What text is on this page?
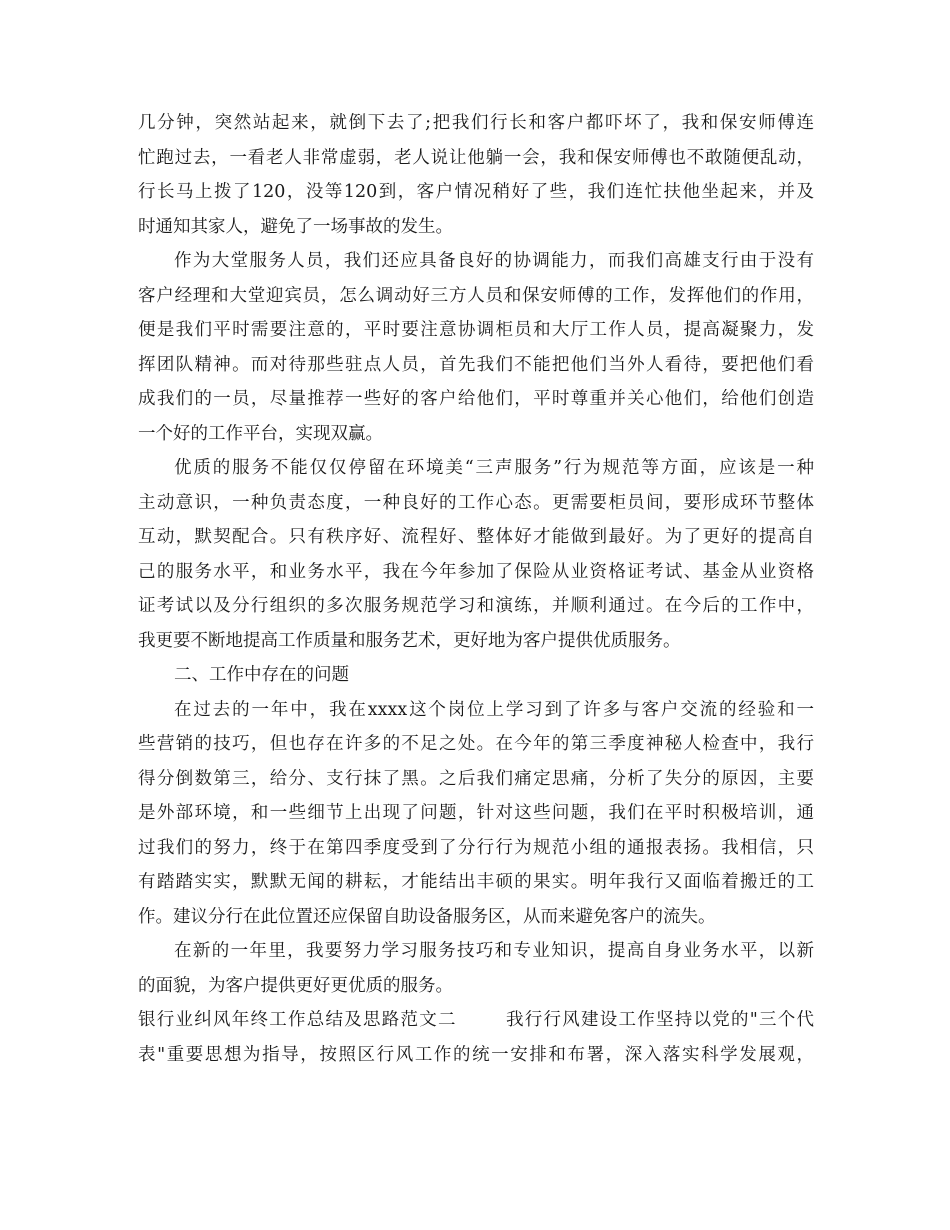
几分钟，突然站起来，就倒下去了;把我们行长和客户都吓坏了，我和保安师傅连
忙跑过去，一看老人非常虚弱，老人说让他躺一会，我和保安师傅也不敢随便乱动，
行长马上拨了120，没等120到，客户情况稍好了些，我们连忙扶他坐起来，并及
时通知其家人，避免了一场事故的发生。
作为大堂服务人员，我们还应具备良好的协调能力，而我们高雄支行由于没有
客户经理和大堂迎宾员，怎么调动好三方人员和保安师傅的工作，发挥他们的作用，
便是我们平时需要注意的，平时要注意协调柜员和大厅工作人员，提高凝聚力，发
挥团队精神。而对待那些驻点人员，首先我们不能把他们当外人看待，要把他们看
成我们的一员，尽量推荐一些好的客户给他们，平时尊重并关心他们，给他们创造
一个好的工作平台，实现双赢。
优质的服务不能仅仅停留在环境美“三声服务”行为规范等方面，应该是一种
主动意识，一种负责态度，一种良好的工作心态。更需要柜员间，要形成环节整体
互动，默契配合。只有秩序好、流程好、整体好才能做到最好。为了更好的提高自
己的服务水平，和业务水平，我在今年参加了保险从业资格证考试、基金从业资格
证考试以及分行组织的多次服务规范学习和演练，并顺利通过。在今后的工作中，
我更要不断地提高工作质量和服务艺术，更好地为客户提供优质服务。
二、工作中存在的问题
在过去的一年中，我在xxxx这个岗位上学习到了许多与客户交流的经验和一
些营销的技巧，但也存在许多的不足之处。在今年的第三季度神秘人检查中，我行
得分倒数第三，给分、支行抹了黑。之后我们痛定思痛，分析了失分的原因，主要
是外部环境，和一些细节上出现了问题，针对这些问题，我们在平时积极培训，通
过我们的努力，终于在第四季度受到了分行行为规范小组的通报表扬。我相信，只
有踏踏实实，默默无闻的耕耘，才能结出丰硕的果实。明年我行又面临着搬迁的工
作。建议分行在此位置还应保留自助设备服务区，从而来避免客户的流失。
在新的一年里，我要努力学习服务技巧和专业知识，提高自身业务水平，以新
的面貌，为客户提供更好更优质的服务。
银行业纠风年终工作总结及思路范文二	我行行风建设工作坚持以党的"三个代
表"重要思想为指导，按照区行风工作的统一安排和布署，深入落实科学发展观，
